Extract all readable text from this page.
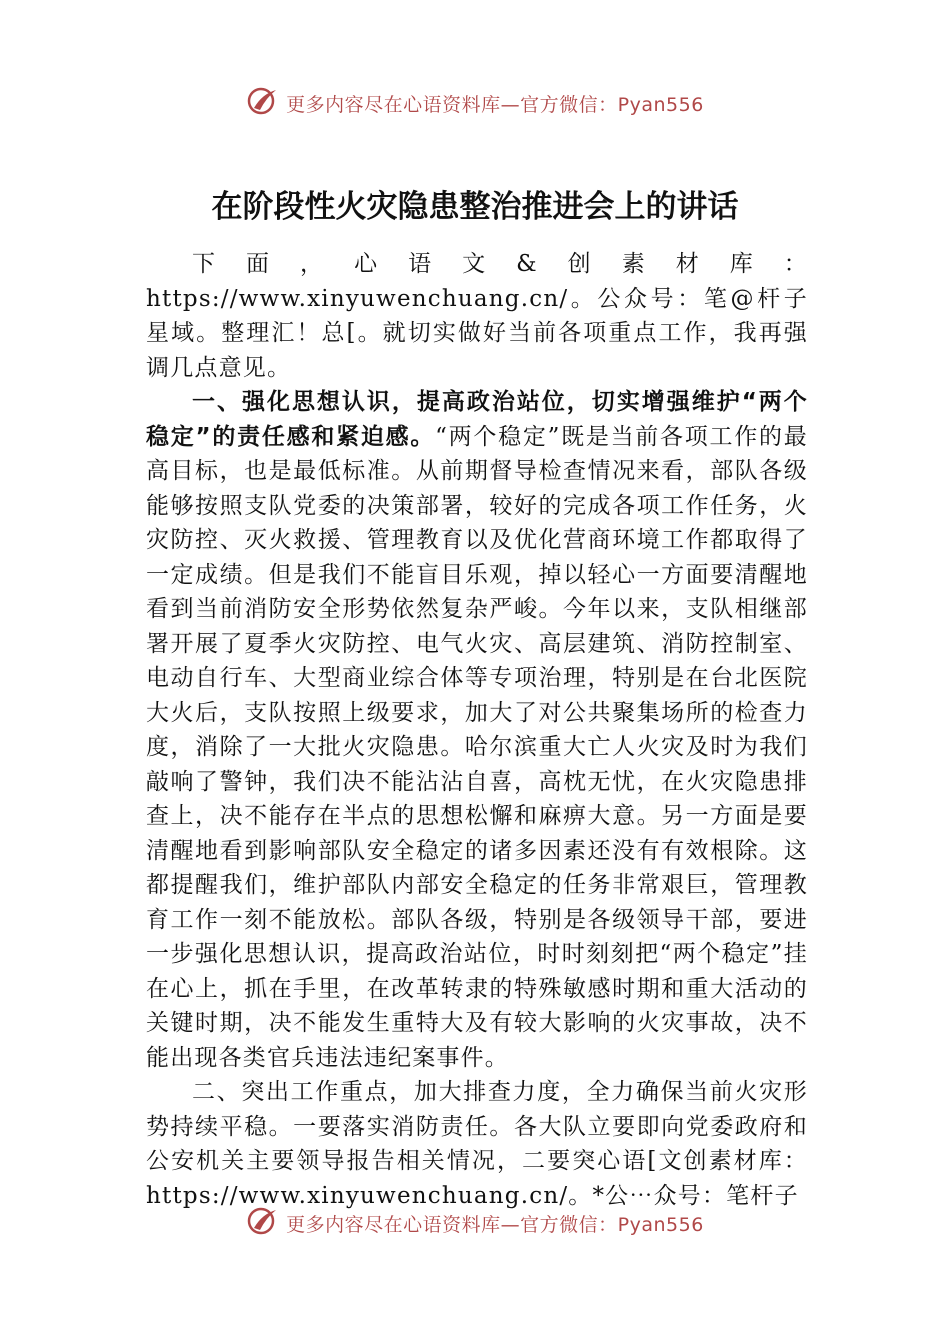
更多内容尽在心语资料库—官方微信：Pyan556
在阶段性火灾隐患整治推进会上的讲话

下面，心语文&创素材库：https://www.xinyuwenchuang.cn/。公众号：笔@杆子星域。整理汇！总[。就切实做好当前各项重点工作，我再强调几点意见。

一、强化思想认识，提高政治站位，切实增强维护“两个稳定”的责任感和紧迫感。“两个稳定”既是当前各项工作的最高目标，也是最低标准。从前期督导检查情况来看，部队各级能够按照支队党委的决策部署，较好的完成各项工作任务，火灾防控、灭火救援、管理教育以及优化营商环境工作都取得了一定成绩。但是我们不能盲目乐观，掉以轻心一方面要清醒地看到当前消防安全形势依然复杂严峻。今年以来，支队相继部署开展了夏季火灾防控、电气火灾、高层建筑、消防控制室、电动自行车、大型商业综合体等专项治理，特别是在台北医院大火后，支队按照上级要求，加大了对公共聚集场所的检查力度，消除了一大批火灾隐患。哈尔滨重大亡人火灾及时为我们敲响了警钟，我们决不能沾沾自喜，高枕无忧，在火灾隐患排查上，决不能存在半点的思想松懈和麻痹大意。另一方面是要清醒地看到影响部队安全稳定的诸多因素还没有有效根除。这都提醒我们，维护部队内部安全稳定的任务非常艰巨，管理教育工作一刻不能放松。部队各级，特别是各级领导干部，要进一步强化思想认识，提高政治站位，时时刻刻把“两个稳定”挂在心上，抓在手里，在改革转隶的特殊敏感时期和重大活动的关键时期，决不能发生重特大及有较大影响的火灾事故，决不能出现各类官兵违法违纪案事件。

二、突出工作重点，加大排查力度，全力确保当前火灾形势持续平稳。一要落实消防责任。各大队立要即向党委政府和公安机关主要领导报告相关情况，二要突心语[文创素材库：https://www.xinyuwenchuang.cn/。*公⋯众号：笔杆子

更多内容尽在心语资料库—官方微信：Pyan556
